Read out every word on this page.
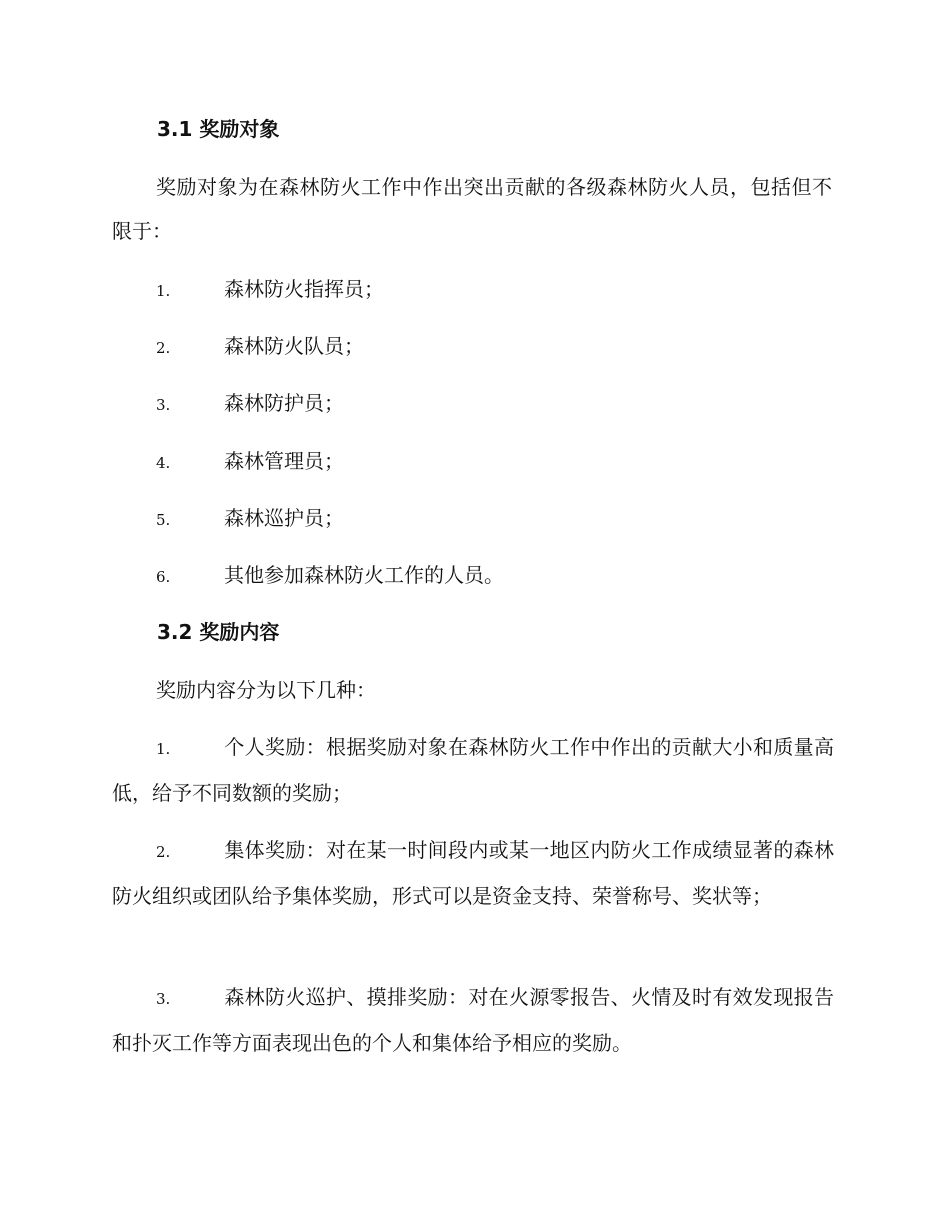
3.1 奖励对象
奖励对象为在森林防火工作中作出突出贡献的各级森林防火人员，包括但不限于：
1.	森林防火指挥员；
2.	森林防火队员；
3.	森林防护员；
4.	森林管理员；
5.	森林巡护员；
6.	其他参加森林防火工作的人员。
3.2 奖励内容
奖励内容分为以下几种：
1.	个人奖励：根据奖励对象在森林防火工作中作出的贡献大小和质量高低，给予不同数额的奖励；
2.	集体奖励：对在某一时间段内或某一地区内防火工作成绩显著的森林防火组织或团队给予集体奖励，形式可以是资金支持、荣誉称号、奖状等；
3.	森林防火巡护、摸排奖励：对在火源零报告、火情及时有效发现报告和扑灭工作等方面表现出色的个人和集体给予相应的奖励。
